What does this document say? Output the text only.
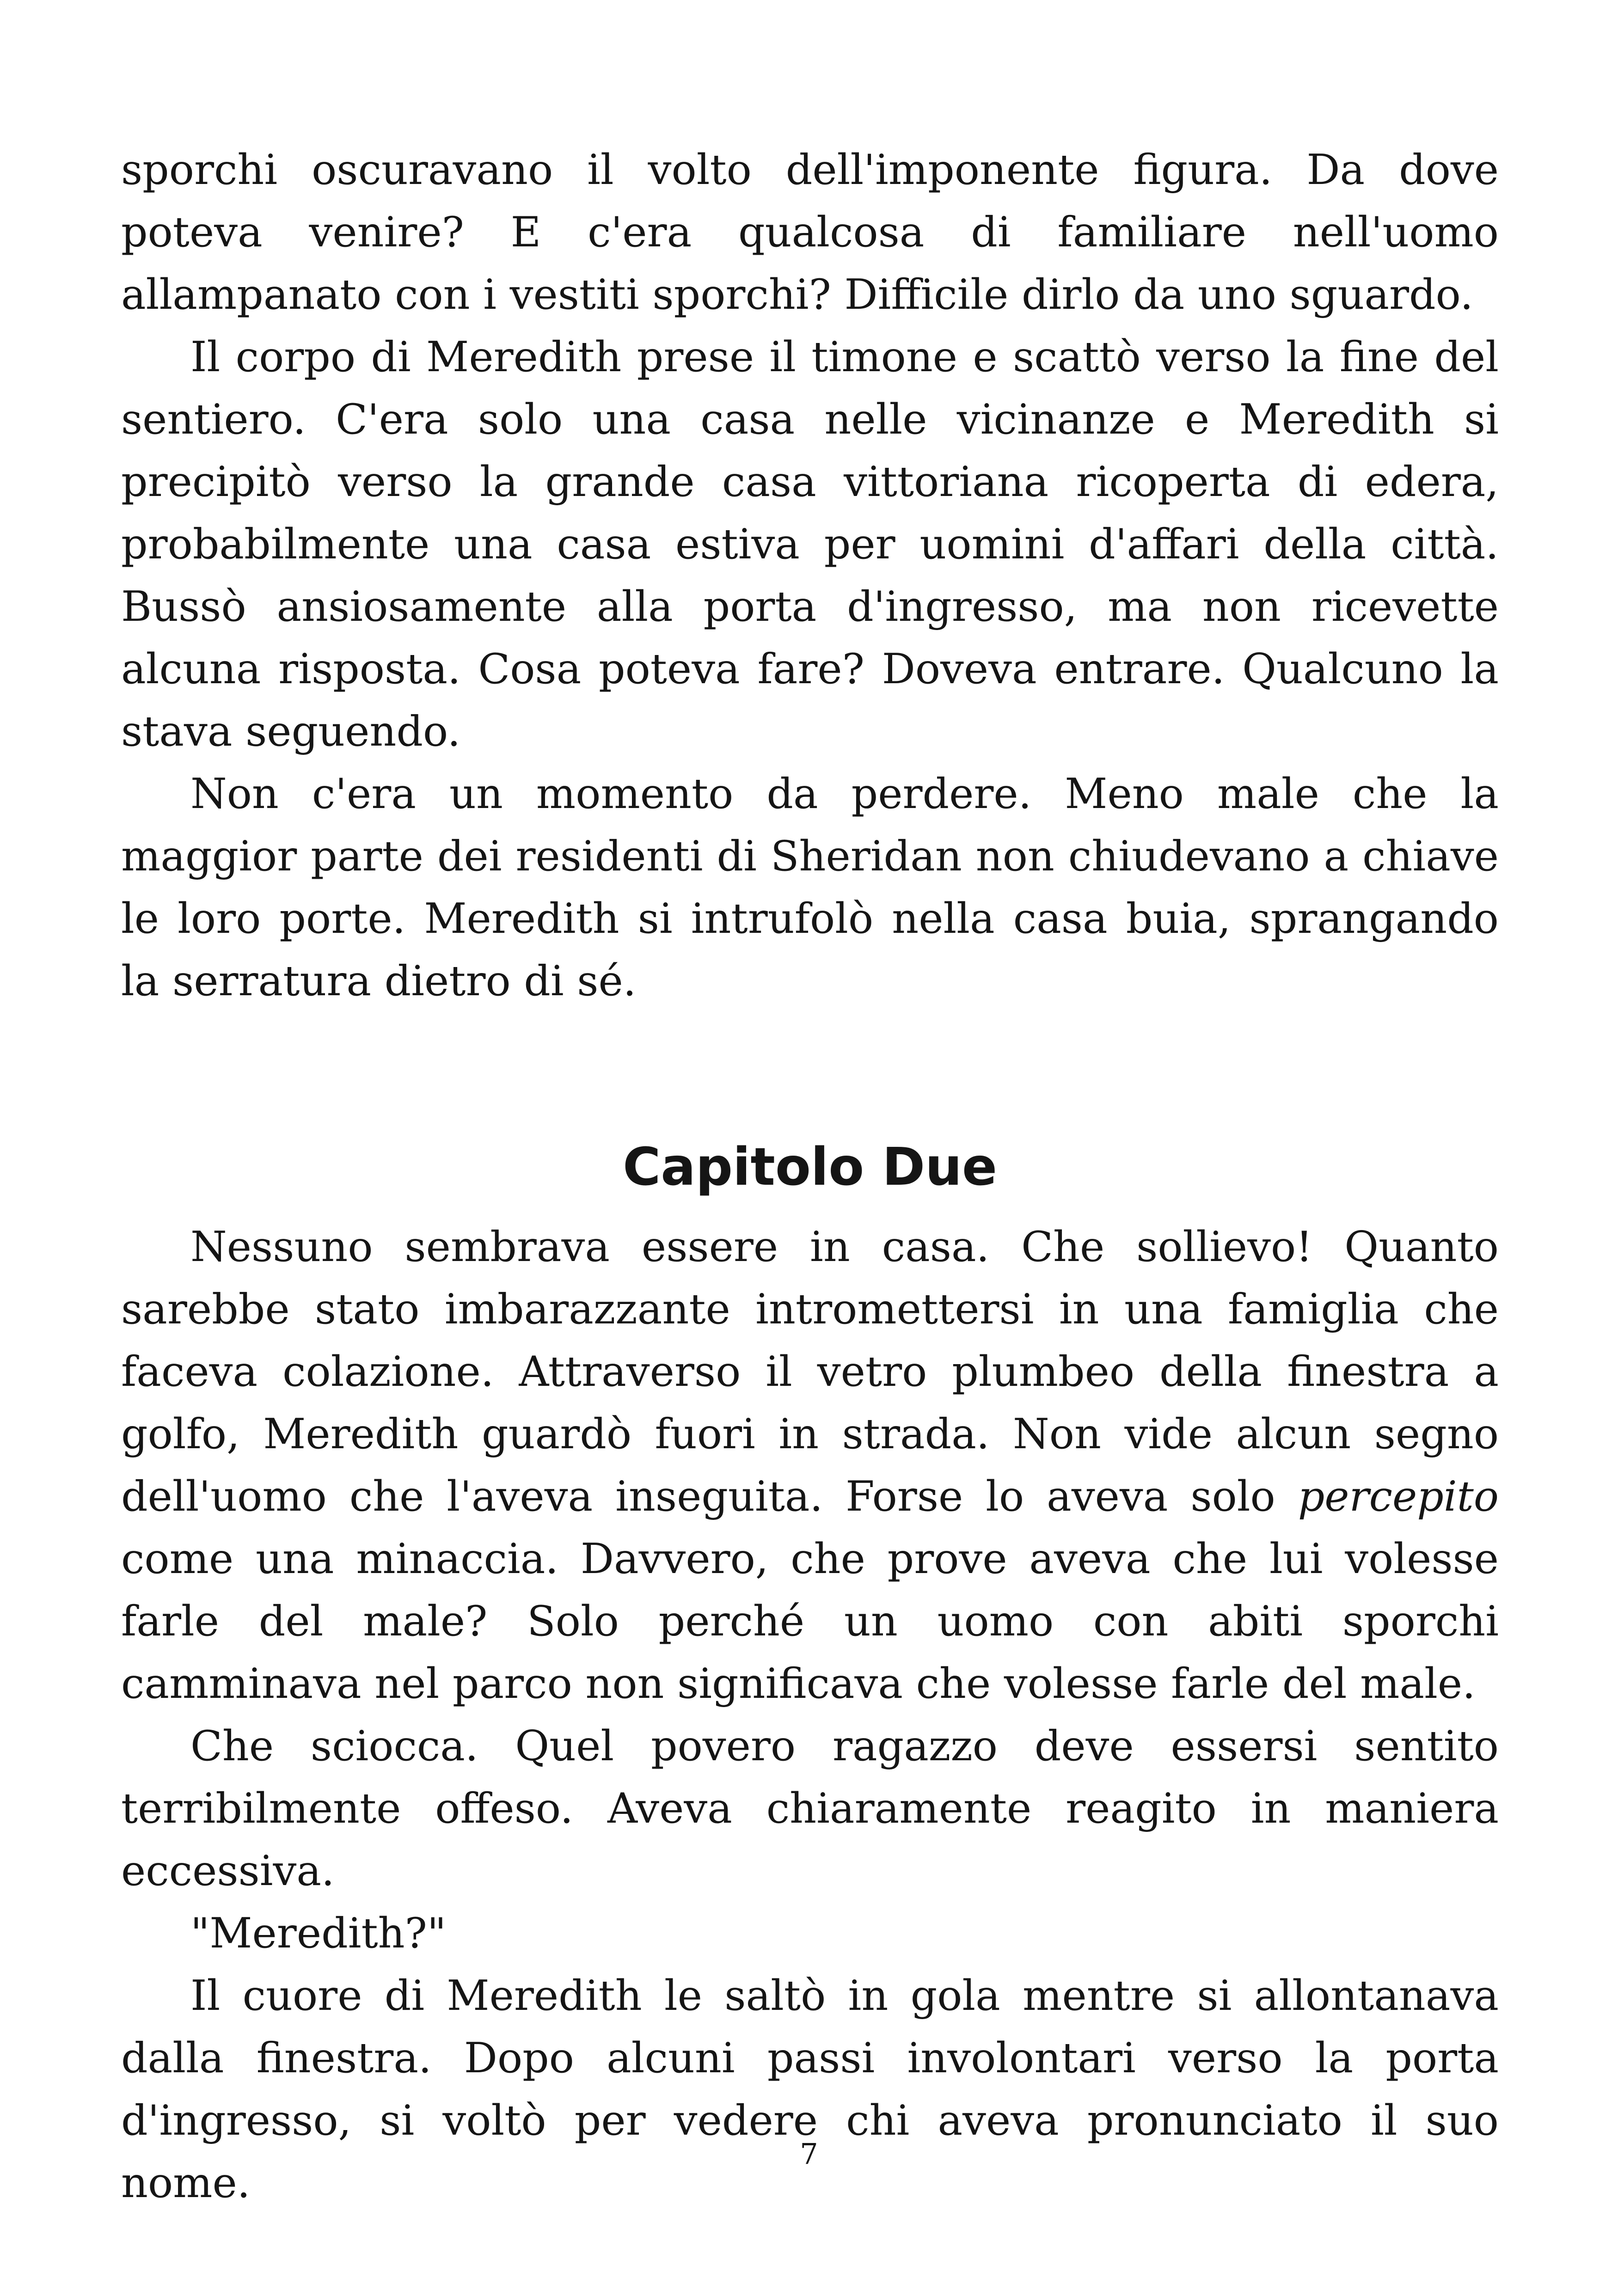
sporchi oscuravano il volto dell'imponente figura. Da dove poteva venire? E c'era qualcosa di familiare nell'uomo allampanato con i vestiti sporchi? Difficile dirlo da uno sguardo.

Il corpo di Meredith prese il timone e scattò verso la fine del sentiero. C'era solo una casa nelle vicinanze e Meredith si precipitò verso la grande casa vittoriana ricoperta di edera, probabilmente una casa estiva per uomini d'affari della città. Bussò ansiosamente alla porta d'ingresso, ma non ricevette alcuna risposta. Cosa poteva fare? Doveva entrare. Qualcuno la stava seguendo.

Non c'era un momento da perdere. Meno male che la maggior parte dei residenti di Sheridan non chiudevano a chiave le loro porte. Meredith si intrufolò nella casa buia, sprangando la serratura dietro di sé.

Capitolo Due

Nessuno sembrava essere in casa. Che sollievo! Quanto sarebbe stato imbarazzante intromettersi in una famiglia che faceva colazione. Attraverso il vetro plumbeo della finestra a golfo, Meredith guardò fuori in strada. Non vide alcun segno dell'uomo che l'aveva inseguita. Forse lo aveva solo percepito come una minaccia. Davvero, che prove aveva che lui volesse farle del male? Solo perché un uomo con abiti sporchi camminava nel parco non significava che volesse farle del male.

Che sciocca. Quel povero ragazzo deve essersi sentito terribilmente offeso. Aveva chiaramente reagito in maniera eccessiva.

"Meredith?"

Il cuore di Meredith le saltò in gola mentre si allontanava dalla finestra. Dopo alcuni passi involontari verso la porta d'ingresso, si voltò per vedere chi aveva pronunciato il suo nome.

7
